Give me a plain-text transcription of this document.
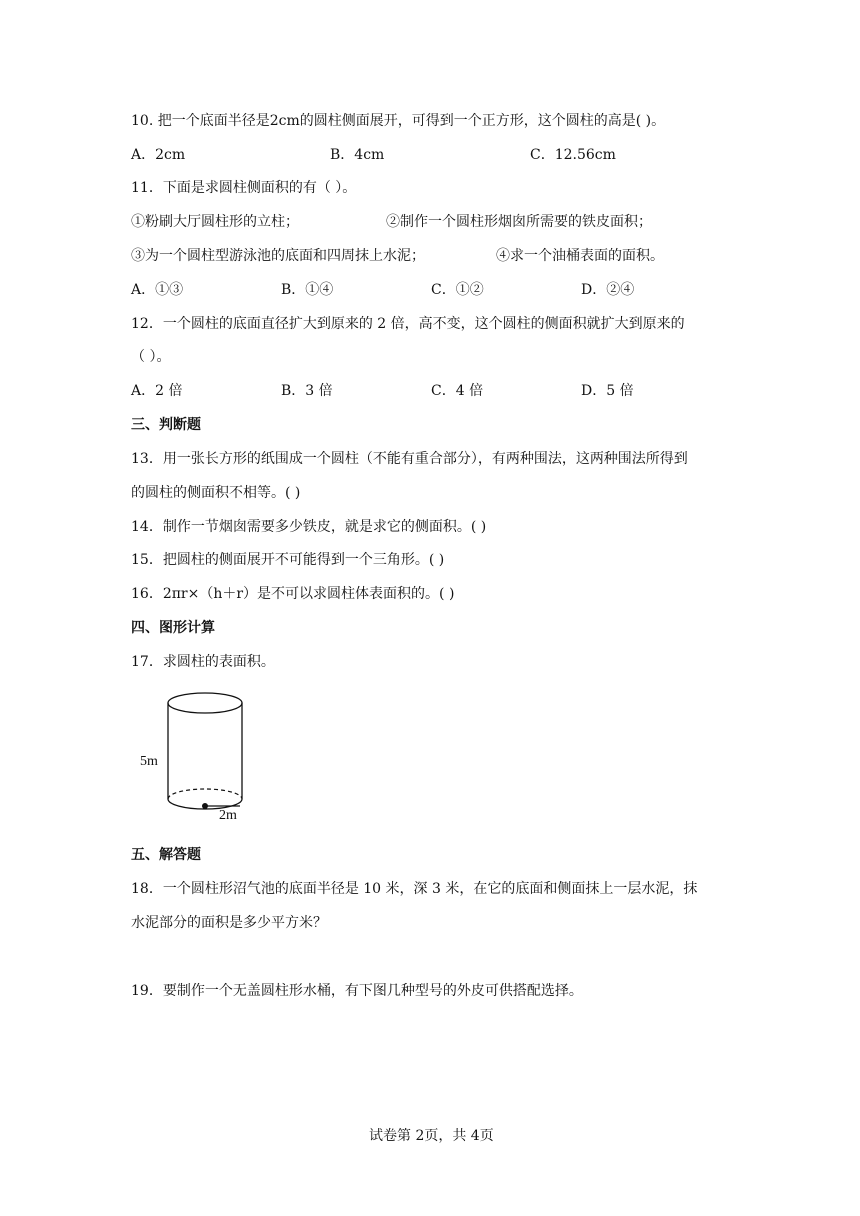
10. 把一个底面半径是2cm的圆柱侧面展开，可得到一个正方形，这个圆柱的高是( )。
A．2cm	B．4cm	C．12.56cm
11．下面是求圆柱侧面积的有（ ）。
①粉刷大厅圆柱形的立柱；	②制作一个圆柱形烟囱所需要的铁皮面积；
③为一个圆柱型游泳池的底面和四周抹上水泥；	④求一个油桶表面的面积。
A．①③	B．①④	C．①②	D．②④
12．一个圆柱的底面直径扩大到原来的 2 倍，高不变，这个圆柱的侧面积就扩大到原来的
（ ）。
A．2 倍	B．3 倍	C．4 倍	D．5 倍
三、判断题
13．用一张长方形的纸围成一个圆柱（不能有重合部分），有两种围法，这两种围法所得到
的圆柱的侧面积不相等。( )
14．制作一节烟囱需要多少铁皮，就是求它的侧面积。( )
15．把圆柱的侧面展开不可能得到一个三角形。( )
16．2πr×（h＋r）是不可以求圆柱体表面积的。( )
四、图形计算
17．求圆柱的表面积。
5m
2m
五、解答题
18．一个圆柱形沼气池的底面半径是 10 米，深 3 米，在它的底面和侧面抹上一层水泥，抹
水泥部分的面积是多少平方米？
19．要制作一个无盖圆柱形水桶，有下图几种型号的外皮可供搭配选择。
试卷第 2页，共 4页
